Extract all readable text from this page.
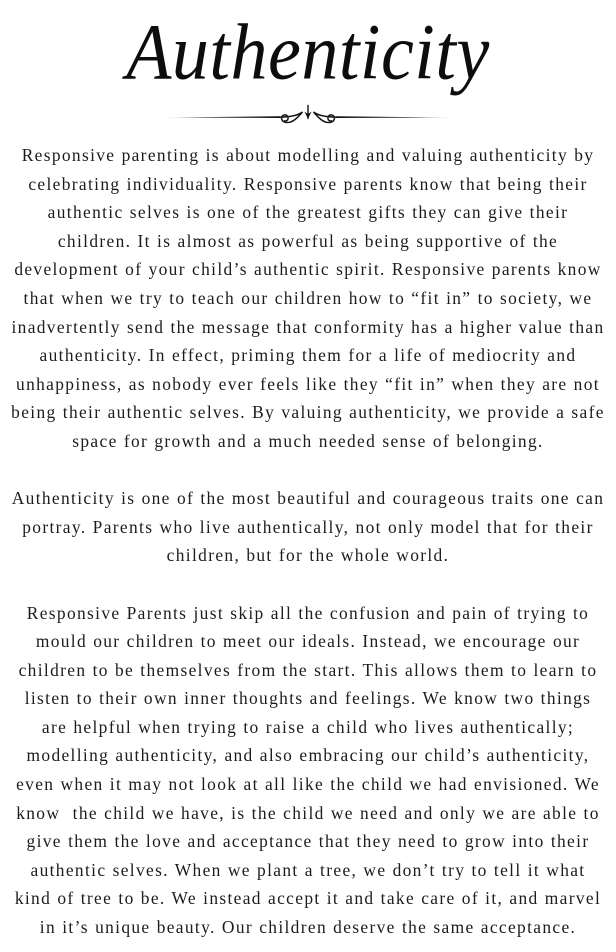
Authenticity

Responsive parenting is about modelling and valuing authenticity by celebrating individuality. Responsive parents know that being their authentic selves is one of the greatest gifts they can give their children. It is almost as powerful as being supportive of the development of your child’s authentic spirit. Responsive parents know that when we try to teach our children how to “fit in” to society, we inadvertently send the message that conformity has a higher value than authenticity. In effect, priming them for a life of mediocrity and unhappiness, as nobody ever feels like they “fit in” when they are not being their authentic selves. By valuing authenticity, we provide a safe space for growth and a much needed sense of belonging.

Authenticity is one of the most beautiful and courageous traits one can portray. Parents who live authentically, not only model that for their children, but for the whole world.

Responsive Parents just skip all the confusion and pain of trying to mould our children to meet our ideals. Instead, we encourage our children to be themselves from the start. This allows them to learn to listen to their own inner thoughts and feelings. We know two things are helpful when trying to raise a child who lives authentically; modelling authenticity, and also embracing our child’s authenticity, even when it may not look at all like the child we had envisioned. We know  the child we have, is the child we need and only we are able to give them the love and acceptance that they need to grow into their authentic selves. When we plant a tree, we don’t try to tell it what kind of tree to be. We instead accept it and take care of it, and marvel in it’s unique beauty. Our children deserve the same acceptance.
